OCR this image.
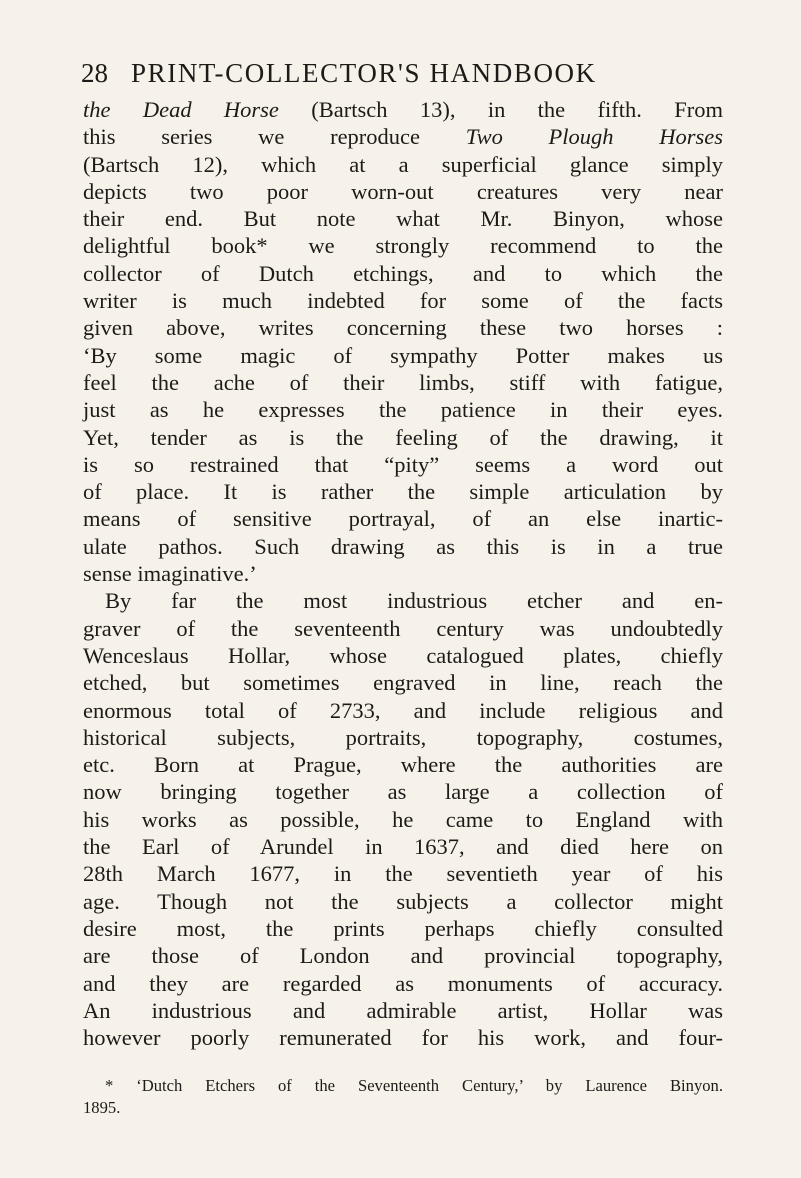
28 PRINT-COLLECTOR'S HANDBOOK
the Dead Horse (Bartsch 13), in the fifth. From
this series we reproduce Two Plough Horses
(Bartsch 12), which at a superficial glance simply
depicts two poor worn-out creatures very near
their end. But note what Mr. Binyon, whose
delightful book* we strongly recommend to the
collector of Dutch etchings, and to which the
writer is much indebted for some of the facts
given above, writes concerning these two horses :
‘By some magic of sympathy Potter makes us
feel the ache of their limbs, stiff with fatigue,
just as he expresses the patience in their eyes.
Yet, tender as is the feeling of the drawing, it
is so restrained that “pity” seems a word out
of place. It is rather the simple articulation by
means of sensitive portrayal, of an else inartic-
ulate pathos. Such drawing as this is in a true
sense imaginative.’
By far the most industrious etcher and en-
graver of the seventeenth century was undoubtedly
Wenceslaus Hollar, whose catalogued plates, chiefly
etched, but sometimes engraved in line, reach the
enormous total of 2733, and include religious and
historical subjects, portraits, topography, costumes,
etc. Born at Prague, where the authorities are
now bringing together as large a collection of
his works as possible, he came to England with
the Earl of Arundel in 1637, and died here on
28th March 1677, in the seventieth year of his
age. Though not the subjects a collector might
desire most, the prints perhaps chiefly consulted
are those of London and provincial topography,
and they are regarded as monuments of accuracy.
An industrious and admirable artist, Hollar was
however poorly remunerated for his work, and four-
* ‘Dutch Etchers of the Seventeenth Century,’ by Laurence Binyon.
1895.
